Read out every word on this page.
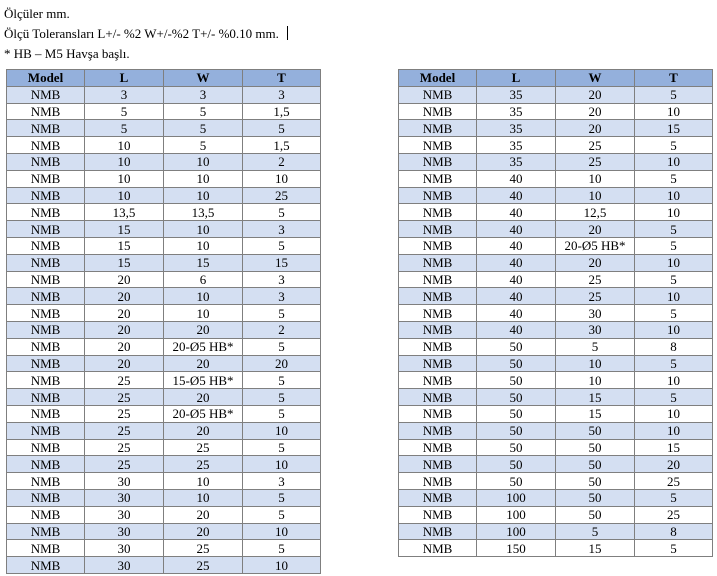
Ölçüler mm.
Ölçü Toleransları L+/- %2 W+/-%2 T+/- %0.10 mm.
* HB – M5 Havşa başlı.
Model	L	W	T
NMB	3	3	3
NMB	5	5	1,5
NMB	5	5	5
NMB	10	5	1,5
NMB	10	10	2
NMB	10	10	10
NMB	10	10	25
NMB	13,5	13,5	5
NMB	15	10	3
NMB	15	10	5
NMB	15	15	15
NMB	20	6	3
NMB	20	10	3
NMB	20	10	5
NMB	20	20	2
NMB	20	20-Ø5 HB*	5
NMB	20	20	20
NMB	25	15-Ø5 HB*	5
NMB	25	20	5
NMB	25	20-Ø5 HB*	5
NMB	25	20	10
NMB	25	25	5
NMB	25	25	10
NMB	30	10	3
NMB	30	10	5
NMB	30	20	5
NMB	30	20	10
NMB	30	25	5
NMB	30	25	10
Model	L	W	T
NMB	35	20	5
NMB	35	20	10
NMB	35	20	15
NMB	35	25	5
NMB	35	25	10
NMB	40	10	5
NMB	40	10	10
NMB	40	12,5	10
NMB	40	20	5
NMB	40	20-Ø5 HB*	5
NMB	40	20	10
NMB	40	25	5
NMB	40	25	10
NMB	40	30	5
NMB	40	30	10
NMB	50	5	8
NMB	50	10	5
NMB	50	10	10
NMB	50	15	5
NMB	50	15	10
NMB	50	50	10
NMB	50	50	15
NMB	50	50	20
NMB	50	50	25
NMB	100	50	5
NMB	100	50	25
NMB	100	5	8
NMB	150	15	5
